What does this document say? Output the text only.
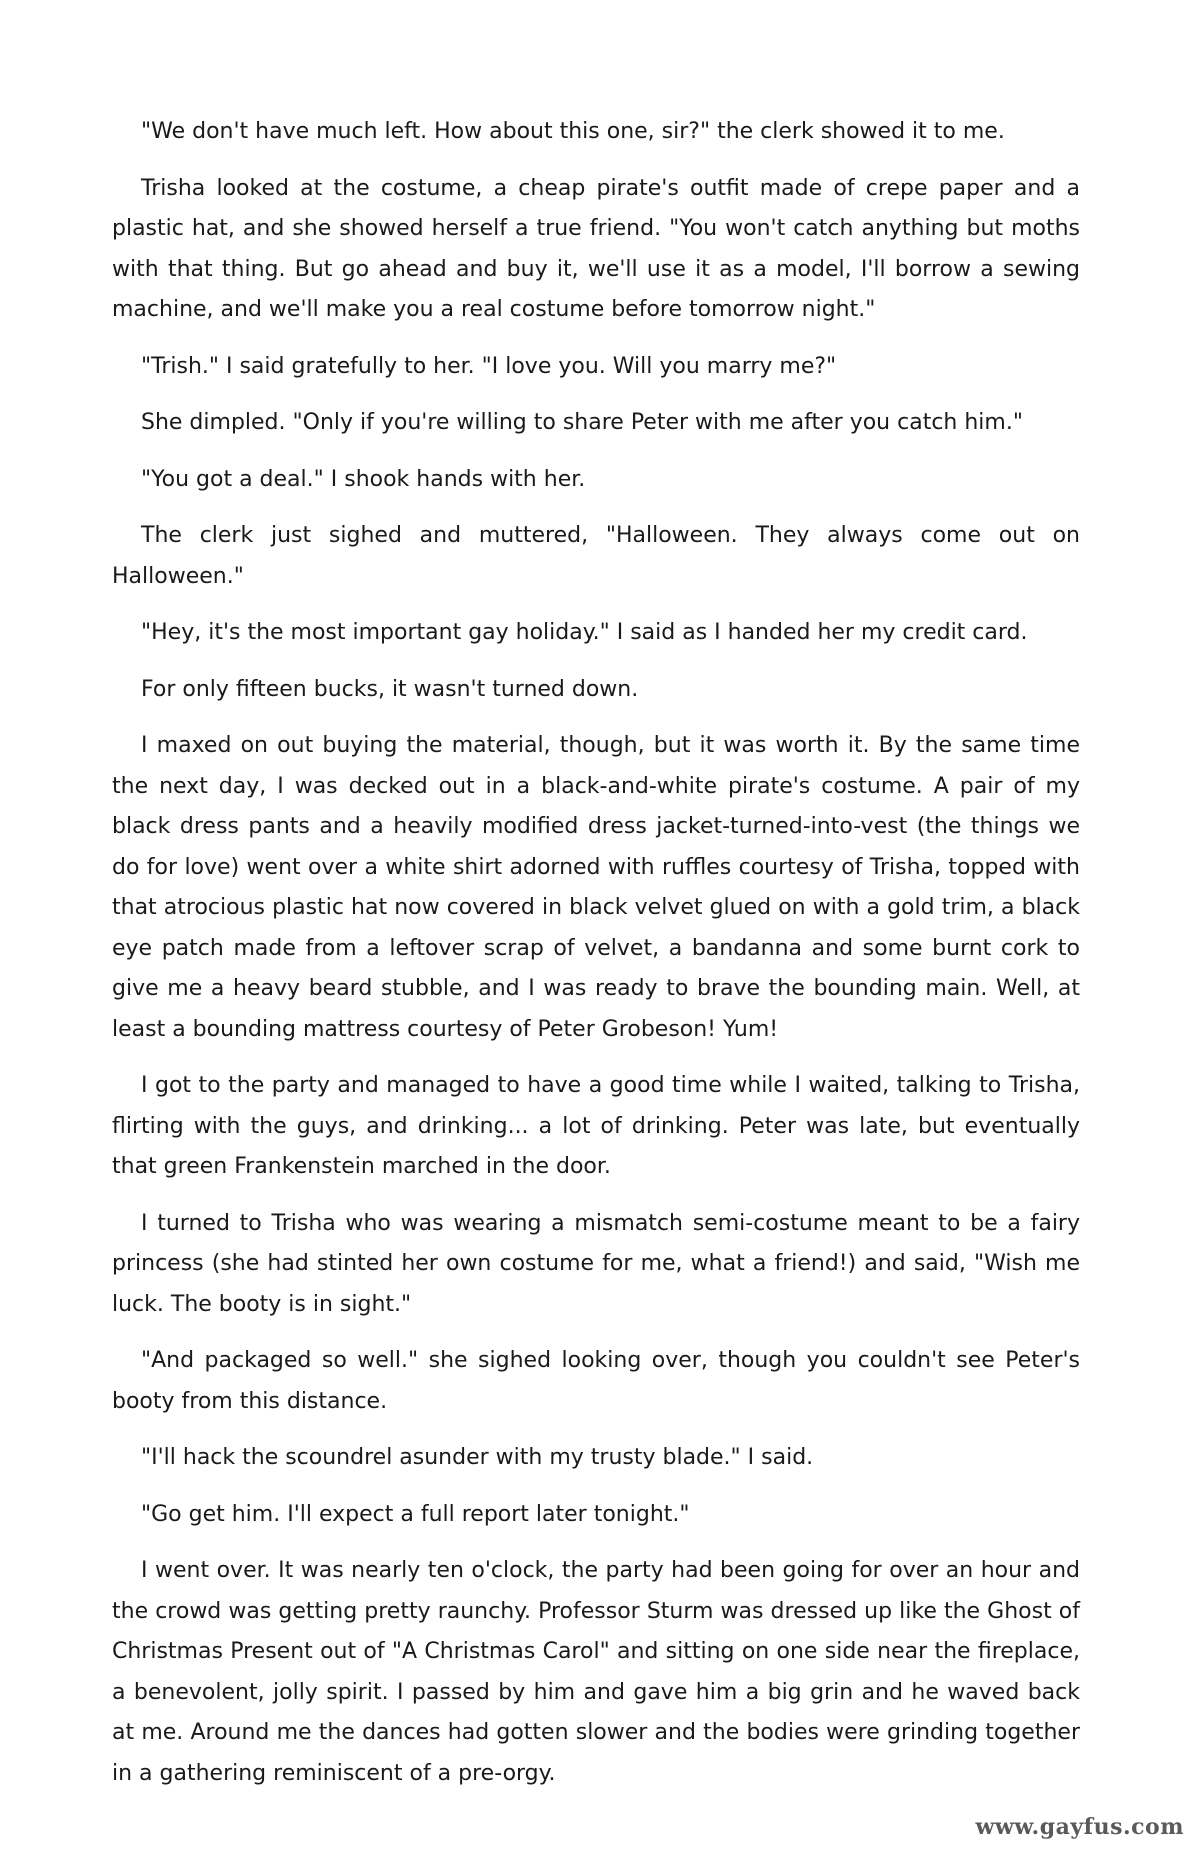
"We don't have much left. How about this one, sir?" the clerk showed it to me.

Trisha looked at the costume, a cheap pirate's outfit made of crepe paper and a plastic hat, and she showed herself a true friend. "You won't catch anything but moths with that thing. But go ahead and buy it, we'll use it as a model, I'll borrow a sewing machine, and we'll make you a real costume before tomorrow night."

"Trish." I said gratefully to her. "I love you. Will you marry me?"

She dimpled. "Only if you're willing to share Peter with me after you catch him."

"You got a deal." I shook hands with her.

The clerk just sighed and muttered, "Halloween. They always come out on Halloween."

"Hey, it's the most important gay holiday." I said as I handed her my credit card.

For only fifteen bucks, it wasn't turned down.

I maxed on out buying the material, though, but it was worth it. By the same time the next day, I was decked out in a black-and-white pirate's costume. A pair of my black dress pants and a heavily modified dress jacket-turned-into-vest (the things we do for love) went over a white shirt adorned with ruffles courtesy of Trisha, topped with that atrocious plastic hat now covered in black velvet glued on with a gold trim, a black eye patch made from a leftover scrap of velvet, a bandanna and some burnt cork to give me a heavy beard stubble, and I was ready to brave the bounding main. Well, at least a bounding mattress courtesy of Peter Grobeson! Yum!

I got to the party and managed to have a good time while I waited, talking to Trisha, flirting with the guys, and drinking... a lot of drinking. Peter was late, but eventually that green Frankenstein marched in the door.

I turned to Trisha who was wearing a mismatch semi-costume meant to be a fairy princess (she had stinted her own costume for me, what a friend!) and said, "Wish me luck. The booty is in sight."

"And packaged so well." she sighed looking over, though you couldn't see Peter's booty from this distance.

"I'll hack the scoundrel asunder with my trusty blade." I said.

"Go get him. I'll expect a full report later tonight."

I went over. It was nearly ten o'clock, the party had been going for over an hour and the crowd was getting pretty raunchy. Professor Sturm was dressed up like the Ghost of Christmas Present out of "A Christmas Carol" and sitting on one side near the fireplace, a benevolent, jolly spirit. I passed by him and gave him a big grin and he waved back at me. Around me the dances had gotten slower and the bodies were grinding together in a gathering reminiscent of a pre-orgy.

www.gayfus.com
